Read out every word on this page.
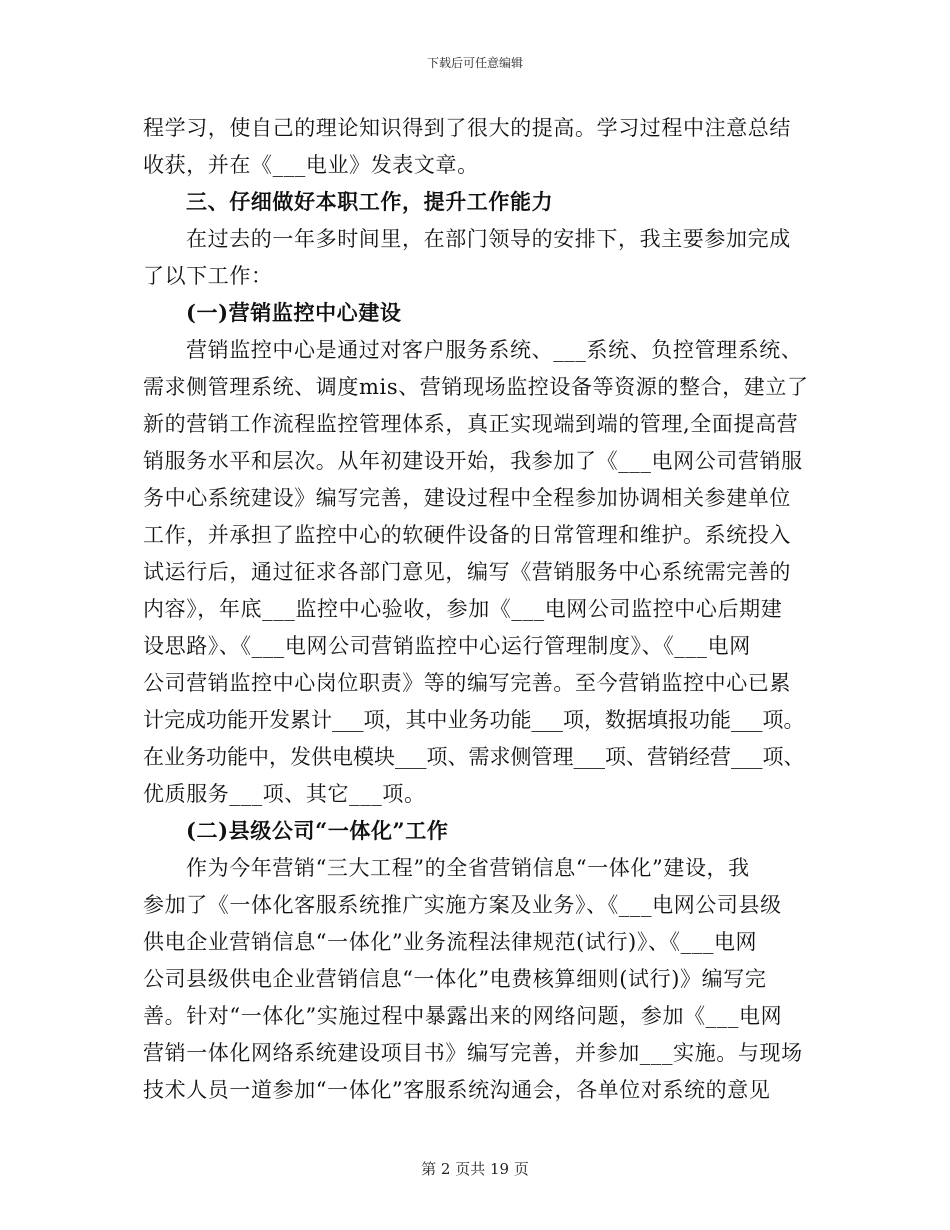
下载后可任意编辑
程学习，使自己的理论知识得到了很大的提高。学习过程中注意总结
收获，并在《___电业》发表文章。
三、仔细做好本职工作，提升工作能力
在过去的一年多时间里，在部门领导的安排下，我主要参加完成
了以下工作：
(一)营销监控中心建设
营销监控中心是通过对客户服务系统、___系统、负控管理系统、
需求侧管理系统、调度mis、营销现场监控设备等资源的整合，建立了
新的营销工作流程监控管理体系，真正实现端到端的管理,全面提高营
销服务水平和层次。从年初建设开始，我参加了《___电网公司营销服
务中心系统建设》编写完善，建设过程中全程参加协调相关参建单位
工作，并承担了监控中心的软硬件设备的日常管理和维护。系统投入
试运行后，通过征求各部门意见，编写《营销服务中心系统需完善的
内容》，年底___监控中心验收，参加《___电网公司监控中心后期建
设思路》、《___电网公司营销监控中心运行管理制度》、《___电网
公司营销监控中心岗位职责》等的编写完善。至今营销监控中心已累
计完成功能开发累计___项，其中业务功能___项，数据填报功能___项。
在业务功能中，发供电模块___项、需求侧管理___项、营销经营___项、
优质服务___项、其它___项。
(二)县级公司“一体化”工作
作为今年营销“三大工程”的全省营销信息“一体化”建设，我
参加了《一体化客服系统推广实施方案及业务》、《___电网公司县级
供电企业营销信息“一体化”业务流程法律规范(试行)》、《___电网
公司县级供电企业营销信息“一体化”电费核算细则(试行)》编写完
善。针对“一体化”实施过程中暴露出来的网络问题，参加《___电网
营销一体化网络系统建设项目书》编写完善，并参加___实施。与现场
技术人员一道参加“一体化”客服系统沟通会，各单位对系统的意见
第 2 页共 19 页
